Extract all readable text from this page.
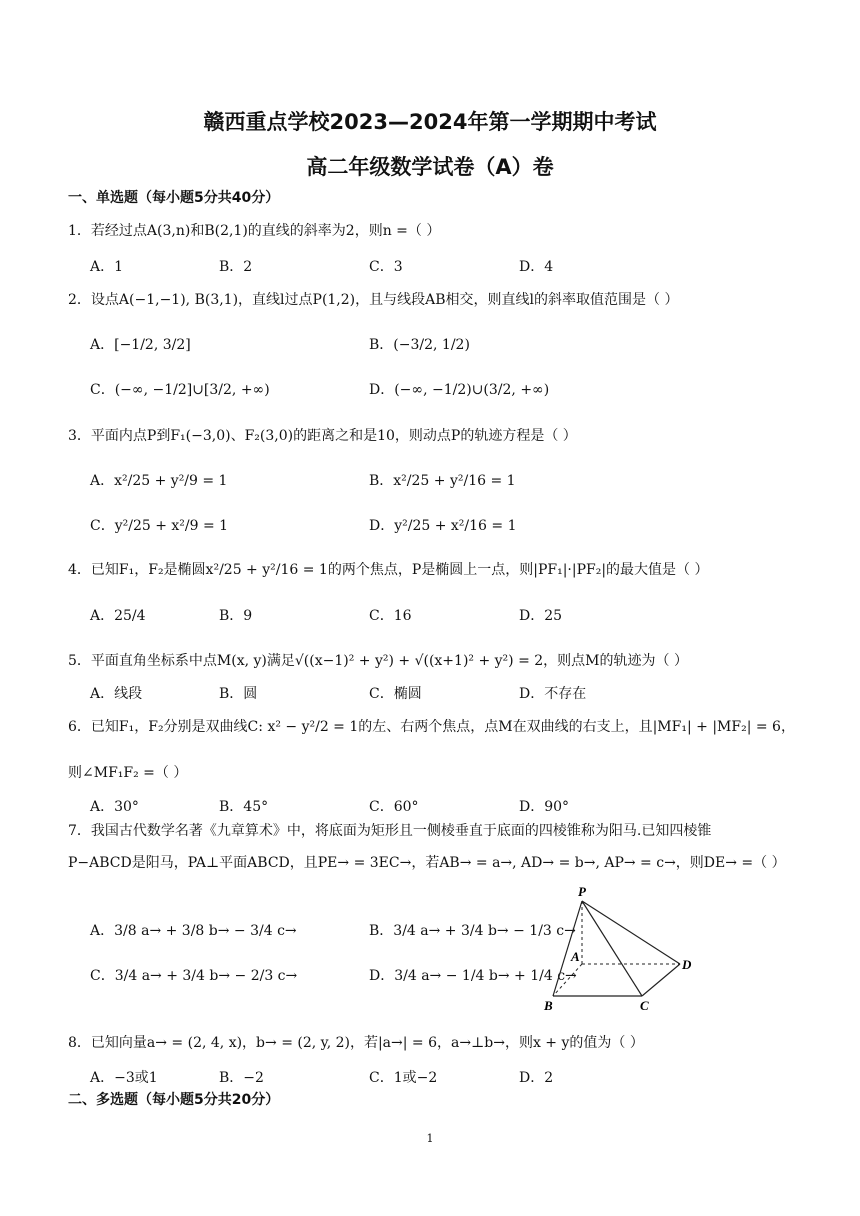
赣西重点学校2023—2024年第一学期期中考试
高二年级数学试卷（A）卷
一、单选题（每小题5分共40分）
1．若经过点A(3,n)和B(2,1)的直线的斜率为2，则n =（ ）
A．1	B．2	C．3	D．4
2．设点A(−1,−1), B(3,1)，直线l过点P(1,2)，且与线段AB相交，则直线l的斜率取值范围是（ ）
A．[−1/2, 3/2]	B．(−3/2, 1/2)
C．(−∞, −1/2]∪[3/2, +∞)	D．(−∞, −1/2)∪(3/2, +∞)
3．平面内点P到F₁(−3,0)、F₂(3,0)的距离之和是10，则动点P的轨迹方程是（ ）
A．x²/25 + y²/9 = 1	B．x²/25 + y²/16 = 1
C．y²/25 + x²/9 = 1	D．y²/25 + x²/16 = 1
4．已知F₁，F₂是椭圆x²/25 + y²/16 = 1的两个焦点，P是椭圆上一点，则|PF₁|·|PF₂|的最大值是（ ）
A．25/4	B．9	C．16	D．25
5．平面直角坐标系中点M(x, y)满足√((x−1)² + y²) + √((x+1)² + y²) = 2，则点M的轨迹为（ ）
A．线段	B．圆	C．椭圆	D．不存在
6．已知F₁，F₂分别是双曲线C: x² − y²/2 = 1的左、右两个焦点，点M在双曲线的右支上，且|MF₁| + |MF₂| = 6，
则∠MF₁F₂ =（ ）
A．30°	B．45°	C．60°	D．90°
7．我国古代数学名著《九章算术》中，将底面为矩形且一侧棱垂直于底面的四棱锥称为阳马.已知四棱锥
P−ABCD是阳马，PA⊥平面ABCD，且PE→ = 3EC→，若AB→ = a→, AD→ = b→, AP→ = c→，则DE→ =（ ）
A．3/8 a→ + 3/8 b→ − 3/4 c→	B．3/4 a→ + 3/4 b→ − 1/3 c→
C．3/4 a→ + 3/4 b→ − 2/3 c→	D．3/4 a→ − 1/4 b→ + 1/4 c→
P
A
B	C
D
8．已知向量a→ = (2, 4, x)，b→ = (2, y, 2)，若|a→| = 6，a→⊥b→，则x + y的值为（ ）
A．−3或1	B．−2	C．1或−2	D．2
二、多选题（每小题5分共20分）
1
